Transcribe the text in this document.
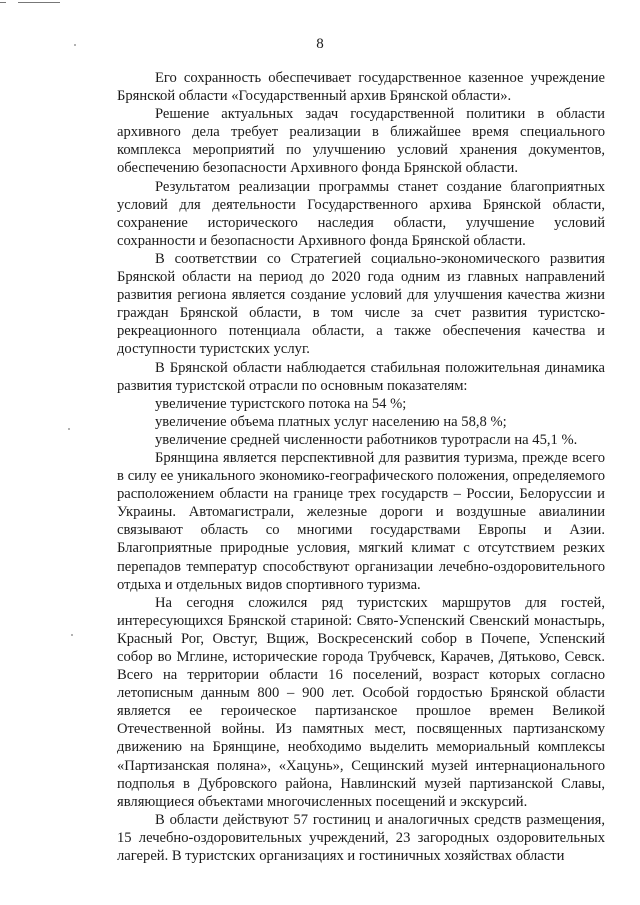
8

Его сохранность обеспечивает государственное казенное учреждение Брянской области «Государственный архив Брянской области».

Решение актуальных задач государственной политики в области архивного дела требует реализации в ближайшее время специального комплекса мероприятий по улучшению условий хранения документов, обеспечению безопасности Архивного фонда Брянской области.

Результатом реализации программы станет создание благоприятных условий для деятельности Государственного архива Брянской области, сохранение исторического наследия области, улучшение условий сохранности и безопасности Архивного фонда Брянской области.

В соответствии со Стратегией социально-экономического развития Брянской области на период до 2020 года одним из главных направлений развития региона является создание условий для улучшения качества жизни граждан Брянской области, в том числе за счет развития туристско-рекреационного потенциала области, а также обеспечения качества и доступности туристских услуг.

В Брянской области наблюдается стабильная положительная динамика развития туристской отрасли по основным показателям:

увеличение туристского потока на 54 %;

увеличение объема платных услуг населению на 58,8 %;

увеличение средней численности работников туротрасли на 45,1 %.

Брянщина является перспективной для развития туризма, прежде всего в силу ее уникального экономико-географического положения, определяемого расположением области на границе трех государств – России, Белоруссии и Украины. Автомагистрали, железные дороги и воздушные авиалинии связывают область со многими государствами Европы и Азии. Благоприятные природные условия, мягкий климат с отсутствием резких перепадов температур способствуют организации лечебно-оздоровительного отдыха и отдельных видов спортивного туризма.

На сегодня сложился ряд туристских маршрутов для гостей, интересующихся Брянской стариной: Свято-Успенский Свенский монастырь, Красный Рог, Овстуг, Вщиж, Воскресенский собор в Почепе, Успенский собор во Мглине, исторические города Трубчевск, Карачев, Дятьково, Севск. Всего на территории области 16 поселений, возраст которых согласно летописным данным 800 – 900 лет. Особой гордостью Брянской области является ее героическое партизанское прошлое времен Великой Отечественной войны. Из памятных мест, посвященных партизанскому движению на Брянщине, необходимо выделить мемориальный комплексы «Партизанская поляна», «Хацунь», Сещинский музей интернационального подполья в Дубровского района, Навлинский музей партизанской Славы, являющиеся объектами многочисленных посещений и экскурсий.

В области действуют 57 гостиниц и аналогичных средств размещения, 15 лечебно-оздоровительных учреждений, 23 загородных оздоровительных лагерей. В туристских организациях и гостиничных хозяйствах области
